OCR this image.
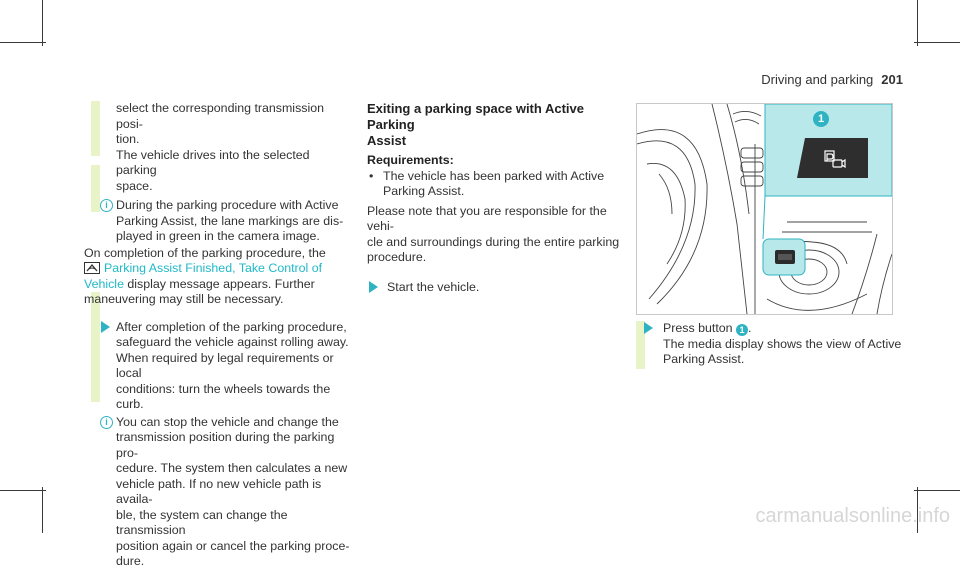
Driving and parking 201
select the corresponding transmission posi-
tion.
The vehicle drives into the selected parking
space.
i During the parking procedure with Active
Parking Assist, the lane markings are dis-
played in green in the camera image.
On completion of the parking procedure, the
Parking Assist Finished, Take Control of
Vehicle display message appears. Further
maneuvering may still be necessary.
After completion of the parking procedure,
safeguard the vehicle against rolling away.
When required by legal requirements or local
conditions: turn the wheels towards the curb.
i You can stop the vehicle and change the
transmission position during the parking pro-
cedure. The system then calculates a new
vehicle path. If no new vehicle path is availa-
ble, the system can change the transmission
position again or cancel the parking proce-
dure.
Exiting a parking space with Active Parking
Assist
Requirements:
• The vehicle has been parked with Active
Parking Assist.
Please note that you are responsible for the vehi-
cle and surroundings during the entire parking
procedure.
Start the vehicle.
1
Press button 1 .
The media display shows the view of Active
Parking Assist.
carmanualsonline.info
